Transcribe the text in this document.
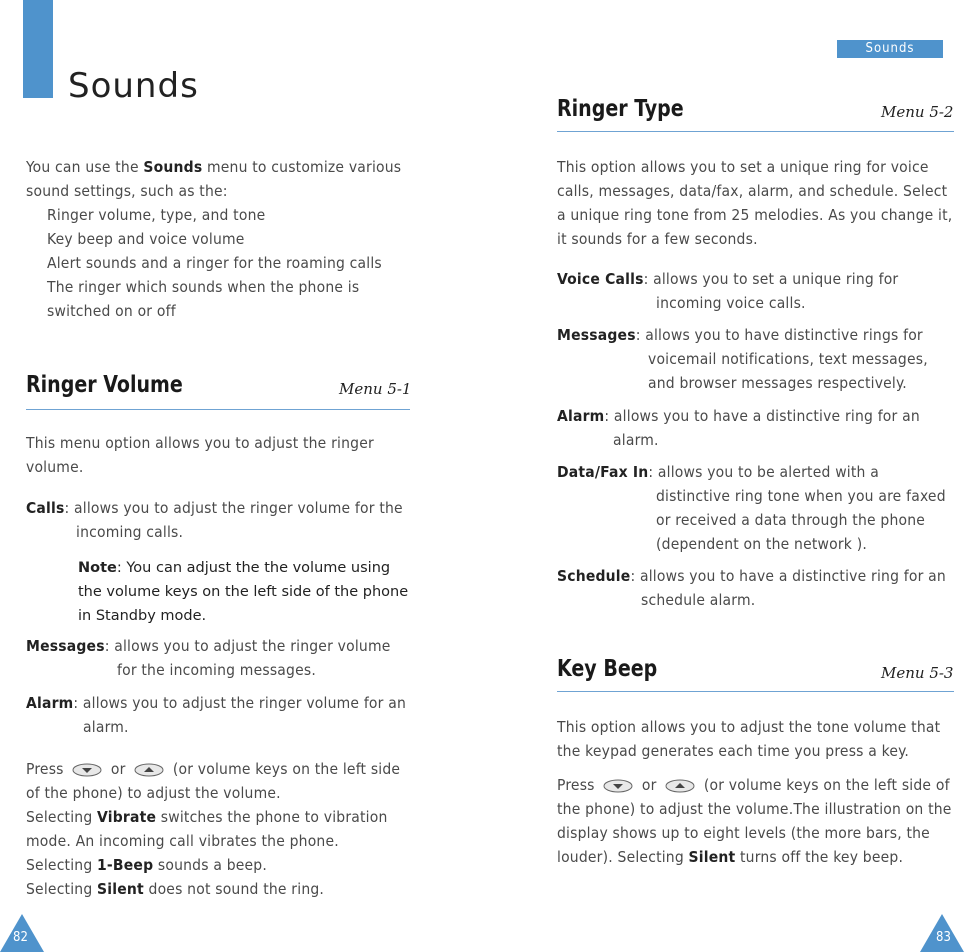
Sounds
You can use the Sounds menu to customize various sound settings, such as the:
Ringer volume, type, and tone
Key beep and voice volume
Alert sounds and a ringer for the roaming calls
The ringer which sounds when the phone is
switched on or off
Ringer Volume	Menu 5-1
This menu option allows you to adjust the ringer
volume.
Calls: allows you to adjust the ringer volume for the
incoming calls.
Note: You can adjust the the volume using
the volume keys on the left side of the phone
in Standby mode.
Messages: allows you to adjust the ringer volume
for the incoming messages.
Alarm: allows you to adjust the ringer volume for an
alarm.
Press	or	(or volume keys on the left side
of the phone) to adjust the volume.
Selecting Vibrate switches the phone to vibration
mode. An incoming call vibrates the phone.
Selecting 1-Beep sounds a beep.
Selecting Silent does not sound the ring.
82
Sounds
Ringer Type	Menu 5-2
This option allows you to set a unique ring for voice
calls, messages, data/fax, alarm, and schedule. Select
a unique ring tone from 25 melodies. As you change it,
it sounds for a few seconds.
Voice Calls: allows you to set a unique ring for
incoming voice calls.
Messages: allows you to have distinctive rings for
voicemail notifications, text messages,
and browser messages respectively.
Alarm: allows you to have a distinctive ring for an
alarm.
Data/Fax In: allows you to be alerted with a
distinctive ring tone when you are faxed
or received a data through the phone
(dependent on the network ).
Schedule: allows you to have a distinctive ring for an
schedule alarm.
Key Beep	Menu 5-3
This option allows you to adjust the tone volume that
the keypad generates each time you press a key.
Press	or	(or volume keys on the left side of
the phone) to adjust the volume.The illustration on the
display shows up to eight levels (the more bars, the
louder). Selecting Silent turns off the key beep.
83
